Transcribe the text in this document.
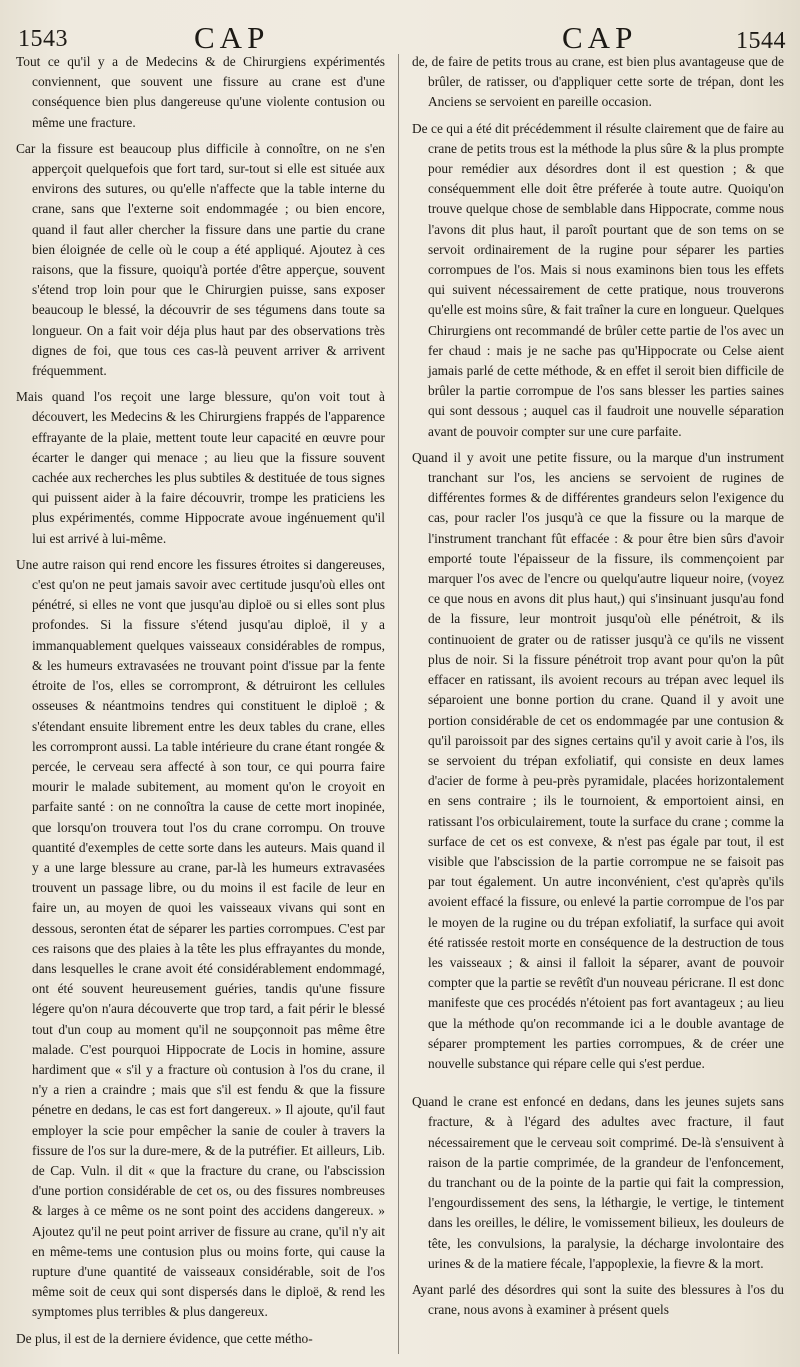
1543	CAP	CAP	1544

Tout ce qu'il y a de Medecins & de Chirurgiens expérimentés conviennent, que souvent une fissure au crane est d'une conséquence bien plus dangereuse qu'une violente contusion ou même une fracture.

Car la fissure est beaucoup plus difficile à connoître, on ne s'en apperçoit quelquefois que fort tard, sur-tout si elle est située aux environs des sutures, ou qu'elle n'affecte que la table interne du crane, sans que l'externe soit endommagée ; ou bien encore, quand il faut aller chercher la fissure dans une partie du crane bien éloignée de celle où le coup a été appliqué. Ajoutez à ces raisons, que la fissure, quoiqu'à portée d'être apperçue, souvent s'étend trop loin pour que le Chirurgien puisse, sans exposer beaucoup le blessé, la découvrir de ses tégumens dans toute sa longueur. On a fait voir déja plus haut par des observations très dignes de foi, que tous ces cas-là peuvent arriver & arrivent fréquemment.

Mais quand l'os reçoit une large blessure, qu'on voit tout à découvert, les Medecins & les Chirurgiens frappés de l'apparence effrayante de la plaie, mettent toute leur capacité en œuvre pour écarter le danger qui menace ; au lieu que la fissure souvent cachée aux recherches les plus subtiles & destituée de tous signes qui puissent aider à la faire découvrir, trompe les praticiens les plus expérimentés, comme Hippocrate avoue ingénuement qu'il lui est arrivé à lui-même.

Une autre raison qui rend encore les fissures étroites si dangereuses, c'est qu'on ne peut jamais savoir avec certitude jusqu'où elles ont pénétré, si elles ne vont que jusqu'au diploë ou si elles sont plus profondes. Si la fissure s'étend jusqu'au diploë, il y a immanquablement quelques vaisseaux considérables de rompus, & les humeurs extravasées ne trouvant point d'issue par la fente étroite de l'os, elles se corrompront, & détruiront les cellules osseuses & néantmoins tendres qui constituent le diploë ; & s'étendant ensuite librement entre les deux tables du crane, elles les corrompront aussi. La table intérieure du crane étant rongée & percée, le cerveau sera affecté à son tour, ce qui pourra faire mourir le malade subitement, au moment qu'on le croyoit en parfaite santé : on ne connoîtra la cause de cette mort inopinée, que lorsqu'on trouvera tout l'os du crane corrompu. On trouve quantité d'exemples de cette sorte dans les auteurs. Mais quand il y a une large blessure au crane, par-là les humeurs extravasées trouvent un passage libre, ou du moins il est facile de leur en faire un, au moyen de quoi les vaisseaux vivans qui sont en dessous, seronten état de séparer les parties corrompues. C'est par ces raisons que des plaies à la tête les plus effrayantes du monde, dans lesquelles le crane avoit été considérablement endommagé, ont été souvent heureusement guéries, tandis qu'une fissure légere qu'on n'aura découverte que trop tard, a fait périr le blessé tout d'un coup au moment qu'il ne soupçonnoit pas même être malade. C'est pourquoi Hippocrate de Locis in homine, assure hardiment que « s'il y a fracture où contusion à l'os du crane, il n'y a rien a craindre ; mais que s'il est fendu & que la fissure pénetre en dedans, le cas est fort dangereux. » Il ajoute, qu'il faut employer la scie pour empêcher la sanie de couler à travers la fissure de l'os sur la dure-mere, & de la putréfier. Et ailleurs, Lib. de Cap. Vuln. il dit « que la fracture du crane, ou l'abscission d'une portion considérable de cet os, ou des fissures nombreuses & larges à ce même os ne sont point des accidens dangereux. » Ajoutez qu'il ne peut point arriver de fissure au crane, qu'il n'y ait en même-tems une contusion plus ou moins forte, qui cause la rupture d'une quantité de vaisseaux considérable, soit de l'os même soit de ceux qui sont dispersés dans le diploë, & rend les symptomes plus terribles & plus dangereux.

De plus, il est de la derniere évidence, que cette métho-

de, de faire de petits trous au crane, est bien plus avantageuse que de brûler, de ratisser, ou d'appliquer cette sorte de trépan, dont les Anciens se servoient en pareille occasion.

De ce qui a été dit précédemment il résulte clairement que de faire au crane de petits trous est la méthode la plus sûre & la plus prompte pour remédier aux désordres dont il est question ; & que conséquemment elle doit être préferée à toute autre. Quoiqu'on trouve quelque chose de semblable dans Hippocrate, comme nous l'avons dit plus haut, il paroît pourtant que de son tems on se servoit ordinairement de la rugine pour séparer les parties corrompues de l'os. Mais si nous examinons bien tous les effets qui suivent nécessairement de cette pratique, nous trouverons qu'elle est moins sûre, & fait traîner la cure en longueur. Quelques Chirurgiens ont recommandé de brûler cette partie de l'os avec un fer chaud : mais je ne sache pas qu'Hippocrate ou Celse aient jamais parlé de cette méthode, & en effet il seroit bien difficile de brûler la partie corrompue de l'os sans blesser les parties saines qui sont dessous ; auquel cas il faudroit une nouvelle séparation avant de pouvoir compter sur une cure parfaite.

Quand il y avoit une petite fissure, ou la marque d'un instrument tranchant sur l'os, les anciens se servoient de rugines de différentes formes & de différentes grandeurs selon l'exigence du cas, pour racler l'os jusqu'à ce que la fissure ou la marque de l'instrument tranchant fût effacée : & pour être bien sûrs d'avoir emporté toute l'épaisseur de la fissure, ils commençoient par marquer l'os avec de l'encre ou quelqu'autre liqueur noire, (voyez ce que nous en avons dit plus haut,) qui s'insinuant jusqu'au fond de la fissure, leur montroit jusqu'où elle pénétroit, & ils continuoient de grater ou de ratisser jusqu'à ce qu'ils ne vissent plus de noir. Si la fissure pénétroit trop avant pour qu'on la pût effacer en ratissant, ils avoient recours au trépan avec lequel ils séparoient une bonne portion du crane. Quand il y avoit une portion considérable de cet os endommagée par une contusion & qu'il paroissoit par des signes certains qu'il y avoit carie à l'os, ils se servoient du trépan exfoliatif, qui consiste en deux lames d'acier de forme à peu-près pyramidale, placées horizontalement en sens contraire ; ils le tournoient, & emportoient ainsi, en ratissant l'os orbiculairement, toute la surface du crane ; comme la surface de cet os est convexe, & n'est pas égale par tout, il est visible que l'abscission de la partie corrompue ne se faisoit pas par tout également. Un autre inconvénient, c'est qu'après qu'ils avoient effacé la fissure, ou enlevé la partie corrompue de l'os par le moyen de la rugine ou du trépan exfoliatif, la surface qui avoit été ratissée restoit morte en conséquence de la destruction de tous les vaisseaux ; & ainsi il falloit la séparer, avant de pouvoir compter que la partie se revêtît d'un nouveau péricrane. Il est donc manifeste que ces procédés n'étoient pas fort avantageux ; au lieu que la méthode qu'on recommande ici a le double avantage de séparer promptement les parties corrompues, & de créer une nouvelle substance qui répare celle qui s'est perdue.

Quand le crane est enfoncé en dedans, dans les jeunes sujets sans fracture, & à l'égard des adultes avec fracture, il faut nécessairement que le cerveau soit comprimé. De-là s'ensuivent à raison de la partie comprimée, de la grandeur de l'enfoncement, du tranchant ou de la pointe de la partie qui fait la compression, l'engourdissement des sens, la léthargie, le vertige, le tintement dans les oreilles, le délire, le vomissement bilieux, les douleurs de tête, les convulsions, la paralysie, la décharge involontaire des urines & de la matiere fécale, l'appoplexie, la fievre & la mort.

Ayant parlé des désordres qui sont la suite des blessures à l'os du crane, nous avons à examiner à présent quels
